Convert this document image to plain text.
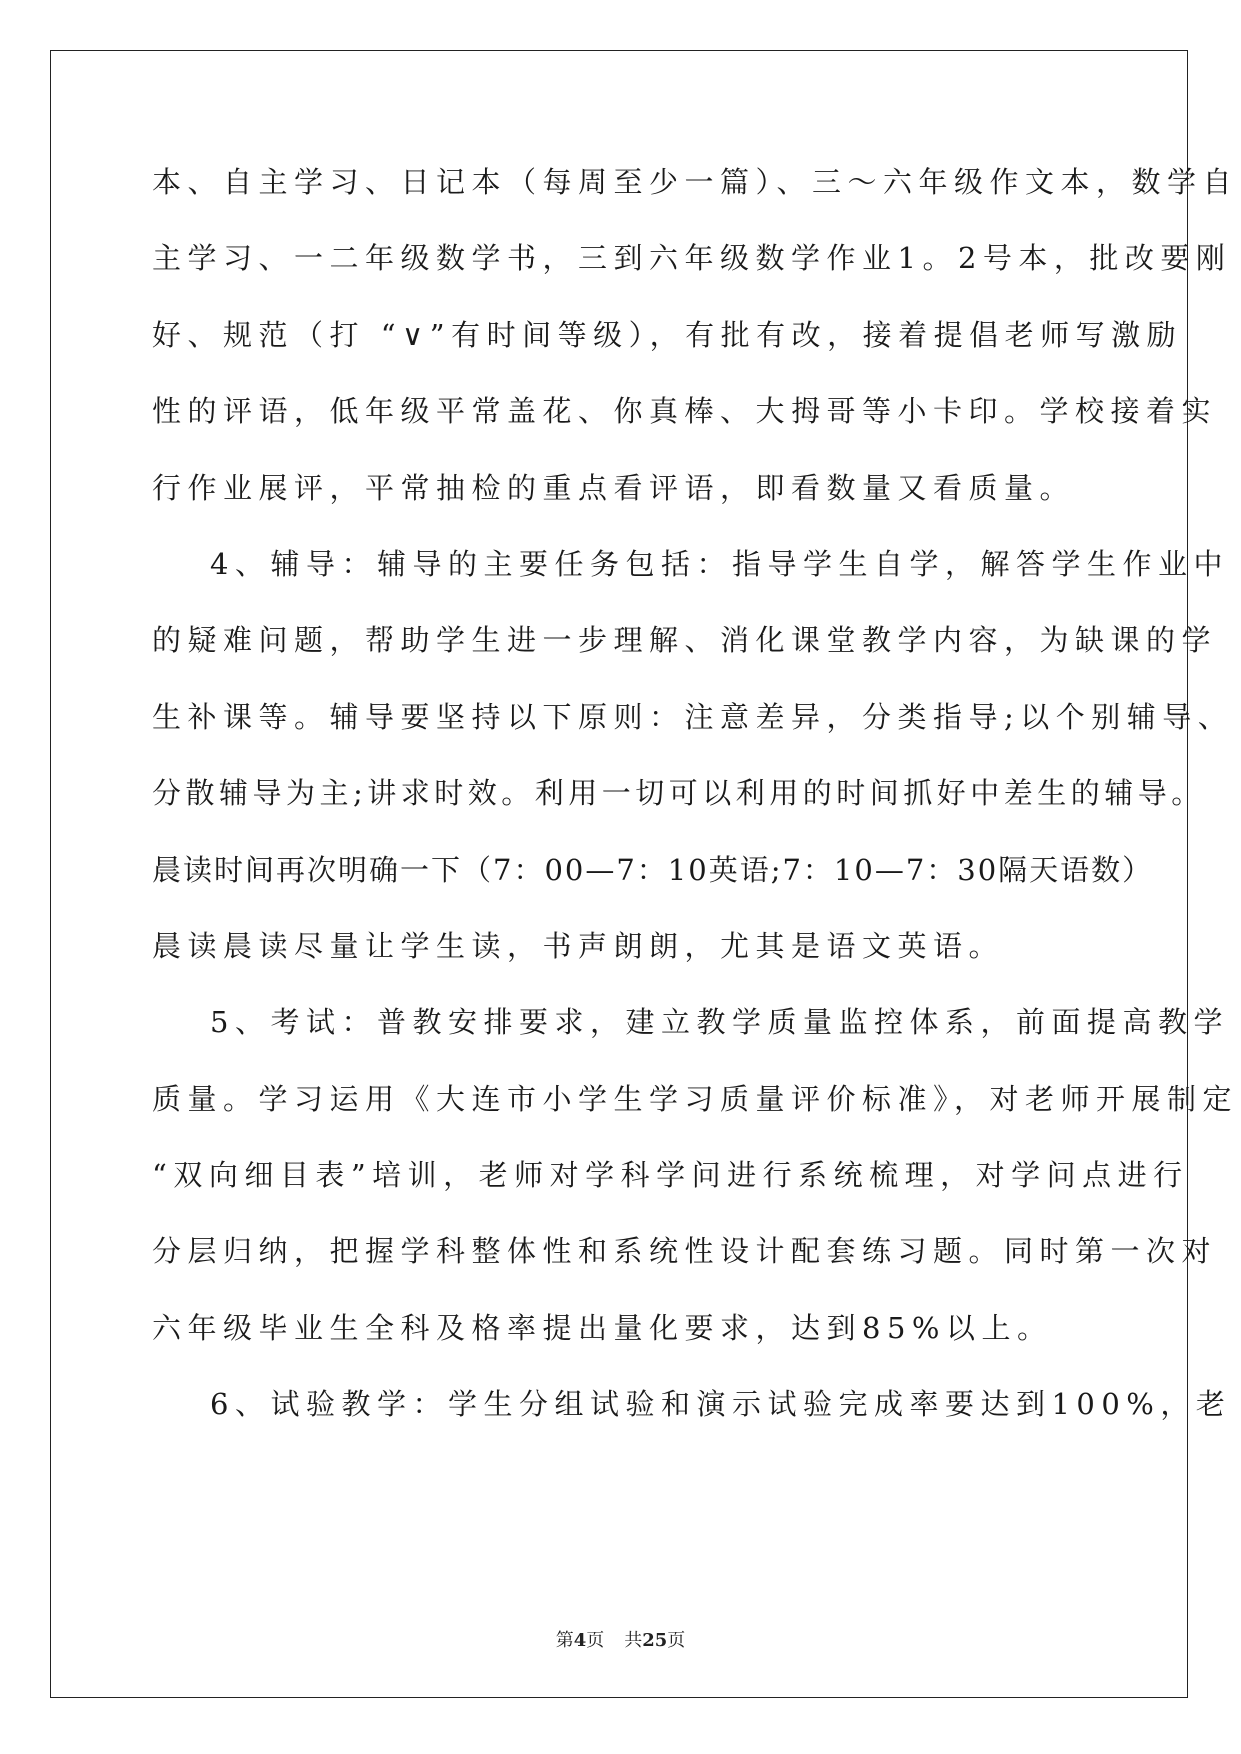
本、自主学习、日记本（每周至少一篇）、三～六年级作文本，数学自
主学习、一二年级数学书，三到六年级数学作业1。2号本，批改要刚
好、规范（打 “∨”有时间等级），有批有改，接着提倡老师写激励
性的评语，低年级平常盖花、你真棒、大拇哥等小卡印。学校接着实
行作业展评，平常抽检的重点看评语，即看数量又看质量。
4、辅导：辅导的主要任务包括：指导学生自学，解答学生作业中
的疑难问题，帮助学生进一步理解、消化课堂教学内容，为缺课的学
生补课等。辅导要坚持以下原则：注意差异，分类指导;以个别辅导、
分散辅导为主;讲求时效。利用一切可以利用的时间抓好中差生的辅导。
晨读时间再次明确一下（7：00—7：10英语;7：10—7：30隔天语数）
晨读晨读尽量让学生读，书声朗朗，尤其是语文英语。
5、考试：普教安排要求，建立教学质量监控体系，前面提高教学
质量。学习运用《大连市小学生学习质量评价标准》，对老师开展制定
“双向细目表”培训，老师对学科学问进行系统梳理，对学问点进行
分层归纳，把握学科整体性和系统性设计配套练习题。同时第一次对
六年级毕业生全科及格率提出量化要求，达到85%以上。
6、试验教学：学生分组试验和演示试验完成率要达到100%，老
第4页 共25页
